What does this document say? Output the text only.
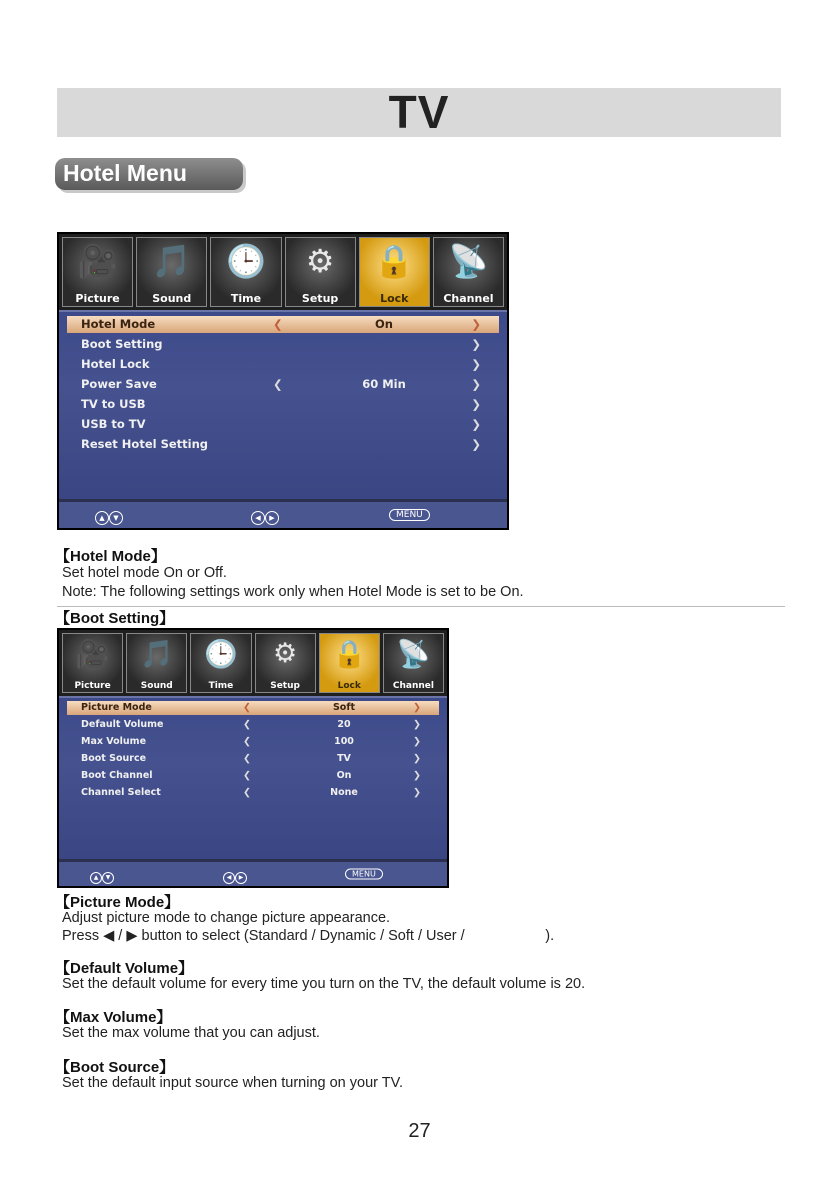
TV
Hotel Menu
🎥
Picture
🎵
Sound
🕒
Time
⚙
Setup
🔒
Lock
📡
Channel
Hotel Mode	❮	On	❯
Boot Setting	❯
Hotel Lock	❯
Power Save	❮	60 Min	❯
TV to USB	❯
USB to TV	❯
Reset Hotel Setting	❯
▲ ▼	◀ ▶	MENU
【Hotel Mode】
Set hotel mode On or Off.
Note: The following settings work only when Hotel Mode is set to be On.
【Boot Setting】
🎥
Picture
🎵
Sound
🕒
Time
⚙
Setup
🔒
Lock
📡
Channel
Picture Mode	❮	Soft	❯
Default Volume	❮	20	❯
Max Volume	❮	100	❯
Boot Source	❮	TV	❯
Boot Channel	❮	On	❯
Channel Select	❮	None	❯
▲ ▼	◀ ▶	MENU
【Picture Mode】
Adjust picture mode to change picture appearance.
Press ◀ / ▶ button to select (Standard / Dynamic / Soft / User /                    ).
【Default Volume】
Set the default volume for every time you turn on the TV, the default volume is 20.
【Max Volume】
Set the max volume that you can adjust.
【Boot Source】
Set the default input source when turning on your TV.
27
